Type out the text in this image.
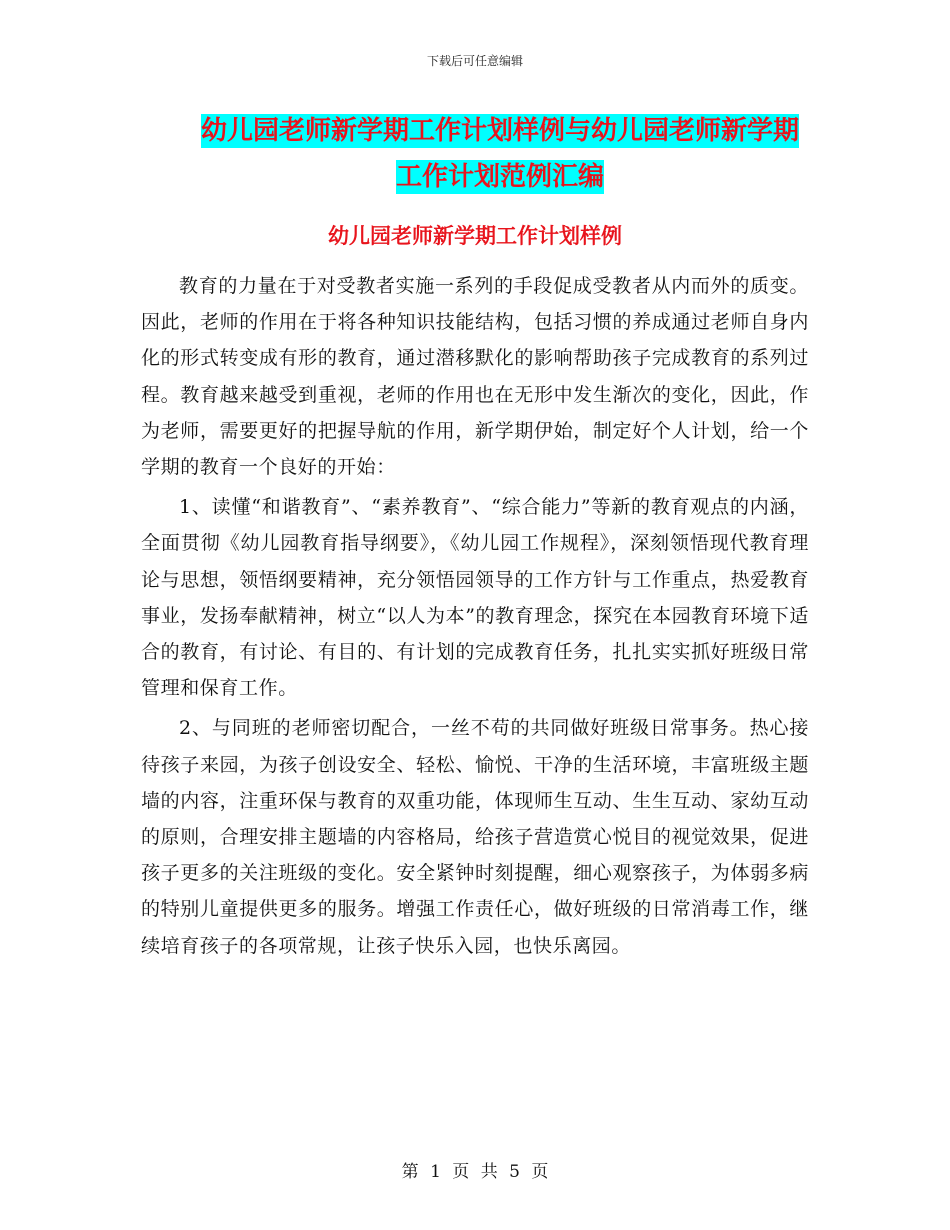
下载后可任意编辑
幼儿园老师新学期工作计划样例与幼儿园老师新学期
工作计划范例汇编
幼儿园老师新学期工作计划样例

教育的力量在于对受教者实施一系列的手段促成受教者从内而外的质变。因此，老师的作用在于将各种知识技能结构，包括习惯的养成通过老师自身内化的形式转变成有形的教育，通过潜移默化的影响帮助孩子完成教育的系列过程。教育越来越受到重视，老师的作用也在无形中发生渐次的变化，因此，作为老师，需要更好的把握导航的作用，新学期伊始，制定好个人计划，给一个学期的教育一个良好的开始：

1、读懂“和谐教育”、“素养教育”、“综合能力”等新的教育观点的内涵，全面贯彻《幼儿园教育指导纲要》，《幼儿园工作规程》，深刻领悟现代教育理论与思想，领悟纲要精神，充分领悟园领导的工作方针与工作重点，热爱教育事业，发扬奉献精神，树立“以人为本”的教育理念，探究在本园教育环境下适合的教育，有讨论、有目的、有计划的完成教育任务，扎扎实实抓好班级日常管理和保育工作。

2、与同班的老师密切配合，一丝不苟的共同做好班级日常事务。热心接待孩子来园，为孩子创设安全、轻松、愉悦、干净的生活环境，丰富班级主题墙的内容，注重环保与教育的双重功能，体现师生互动、生生互动、家幼互动的原则，合理安排主题墙的内容格局，给孩子营造赏心悦目的视觉效果，促进孩子更多的关注班级的变化。安全紧钟时刻提醒，细心观察孩子，为体弱多病的特别儿童提供更多的服务。增强工作责任心，做好班级的日常消毒工作，继续培育孩子的各项常规，让孩子快乐入园，也快乐离园。

第 1 页 共 5 页
